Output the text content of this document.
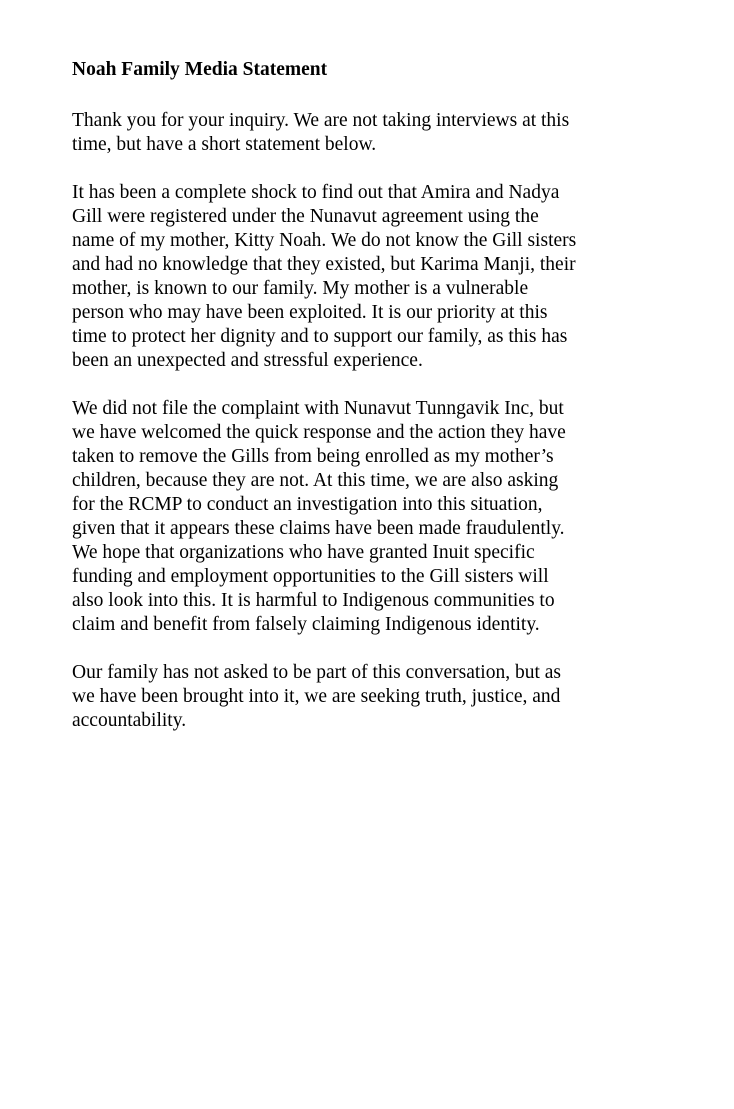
Noah Family Media Statement
Thank you for your inquiry. We are not taking interviews at this
time, but have a short statement below.
It has been a complete shock to find out that Amira and Nadya
Gill were registered under the Nunavut agreement using the
name of my mother, Kitty Noah. We do not know the Gill sisters
and had no knowledge that they existed, but Karima Manji, their
mother, is known to our family. My mother is a vulnerable
person who may have been exploited. It is our priority at this
time to protect her dignity and to support our family, as this has
been an unexpected and stressful experience.
We did not file the complaint with Nunavut Tunngavik Inc, but
we have welcomed the quick response and the action they have
taken to remove the Gills from being enrolled as my mother’s
children, because they are not. At this time, we are also asking
for the RCMP to conduct an investigation into this situation,
given that it appears these claims have been made fraudulently.
We hope that organizations who have granted Inuit specific
funding and employment opportunities to the Gill sisters will
also look into this. It is harmful to Indigenous communities to
claim and benefit from falsely claiming Indigenous identity.
Our family has not asked to be part of this conversation, but as
we have been brought into it, we are seeking truth, justice, and
accountability.
